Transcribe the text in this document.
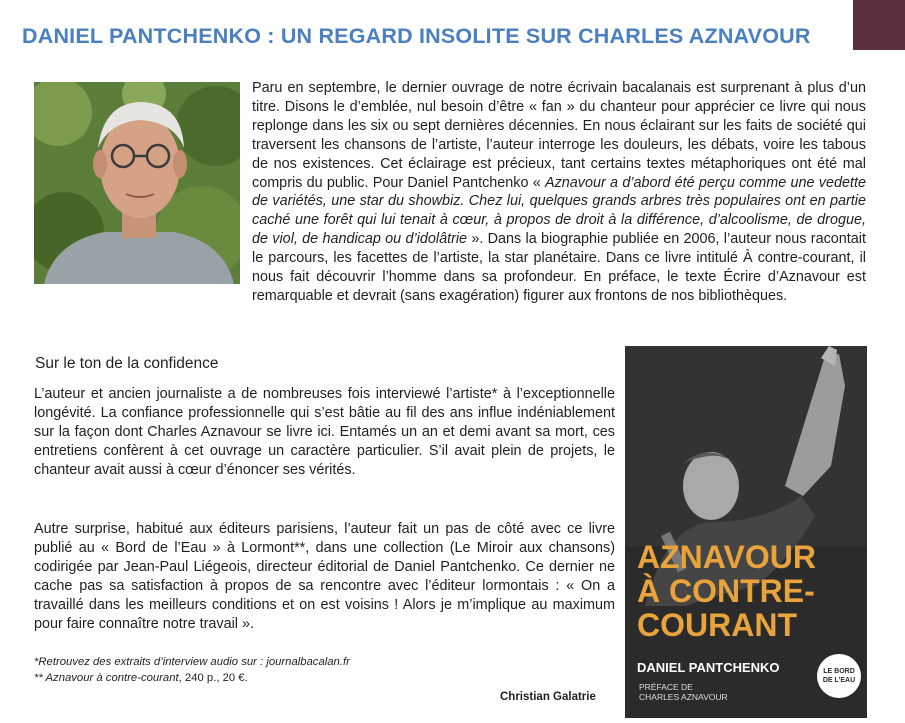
DANIEL PANTCHENKO : UN REGARD INSOLITE SUR CHARLES AZNAVOUR

Paru en septembre, le dernier ouvrage de notre écrivain bacalanais est surprenant à plus d’un titre. Disons le d’emblée, nul besoin d’être « fan » du chanteur pour apprécier ce livre qui nous replonge dans les six ou sept dernières décennies. En nous éclairant sur les faits de société qui traversent les chansons de l’artiste, l’auteur interroge les douleurs, les débats, voire les tabous de nos existences. Cet éclairage est précieux, tant certains textes métaphoriques ont été mal compris du public. Pour Daniel Pantchenko « Aznavour a d’abord été perçu comme une vedette de variétés, une star du showbiz. Chez lui, quelques grands arbres très populaires ont en partie caché une forêt qui lui tenait à cœur, à propos de droit à la différence, d’alcoolisme, de drogue, de viol, de handicap ou d’idolâtrie ». Dans la biographie publiée en 2006, l’auteur nous racontait le parcours, les facettes de l’artiste, la star planétaire. Dans ce livre intitulé À contre-courant, il nous fait découvrir l’homme dans sa profondeur. En préface, le texte Écrire d’Aznavour est remarquable et devrait (sans exagération) figurer aux frontons de nos bibliothèques.

Sur le ton de la confidence

L’auteur et ancien journaliste a de nombreuses fois interviewé l’artiste* à l’exceptionnelle longévité. La confiance professionnelle qui s’est bâtie au fil des ans influe indéniablement sur la façon dont Charles Aznavour se livre ici. Entamés un an et demi avant sa mort, ces entretiens confèrent à cet ouvrage un caractère particulier. S’il avait plein de projets, le chanteur avait aussi à cœur d’énoncer ses vérités.

Autre surprise, habitué aux éditeurs parisiens, l’auteur fait un pas de côté avec ce livre publié au « Bord de l’Eau » à Lormont**, dans une collection (Le Miroir aux chansons) codirigée par Jean-Paul Liégeois, directeur éditorial de Daniel Pantchenko. Ce dernier ne cache pas sa satisfaction à propos de sa rencontre avec l’éditeur lormontais : « On a travaillé dans les meilleurs conditions et on est voisins ! Alors je m’implique au maximum pour faire connaître notre travail ».

*Retrouvez des extraits d’interview audio sur : journalbacalan.fr
** Aznavour à contre-courant, 240 p., 20 €.
Christian Galatrie
AZNAVOUR
À CONTRE-
COURANT
DANIEL PANTCHENKO
PRÉFACE DE
CHARLES AZNAVOUR
LE BORD
DE L’EAU
